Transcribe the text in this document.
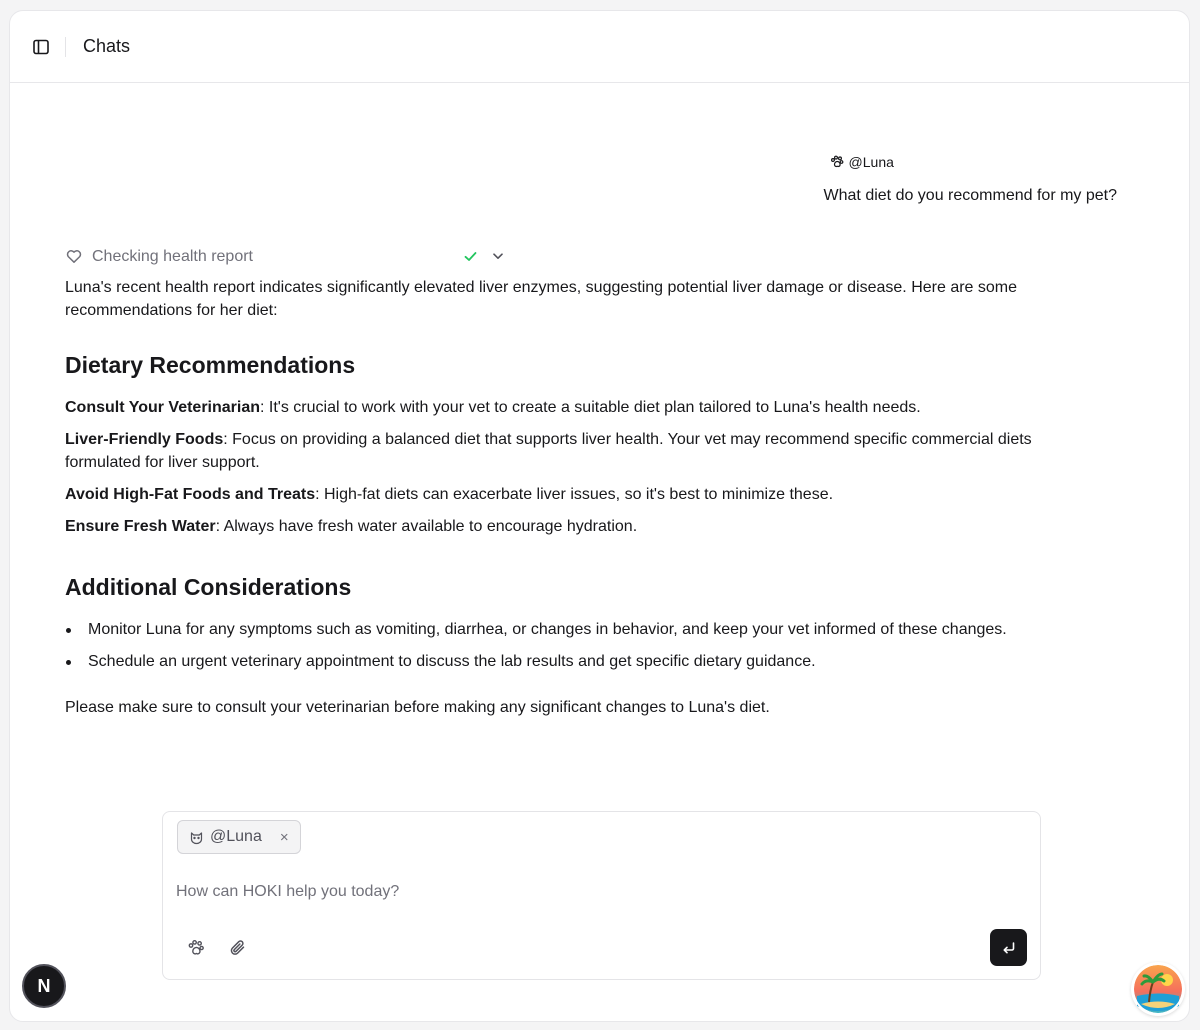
Chats
@Luna
What diet do you recommend for my pet?
Checking health report

Luna's recent health report indicates significantly elevated liver enzymes, suggesting potential liver damage or disease. Here are some recommendations for her diet:

Dietary Recommendations

Consult Your Veterinarian: It's crucial to work with your vet to create a suitable diet plan tailored to Luna's health needs.

Liver-Friendly Foods: Focus on providing a balanced diet that supports liver health. Your vet may recommend specific commercial diets formulated for liver support.

Avoid High-Fat Foods and Treats: High-fat diets can exacerbate liver issues, so it's best to minimize these.

Ensure Fresh Water: Always have fresh water available to encourage hydration.

Additional Considerations
Monitor Luna for any symptoms such as vomiting, diarrhea, or changes in behavior, and keep your vet informed of these changes.
Schedule an urgent veterinary appointment to discuss the lab results and get specific dietary guidance.

Please make sure to consult your veterinarian before making any significant changes to Luna's diet.

@Luna ×
How can HOKI help you today?
N
